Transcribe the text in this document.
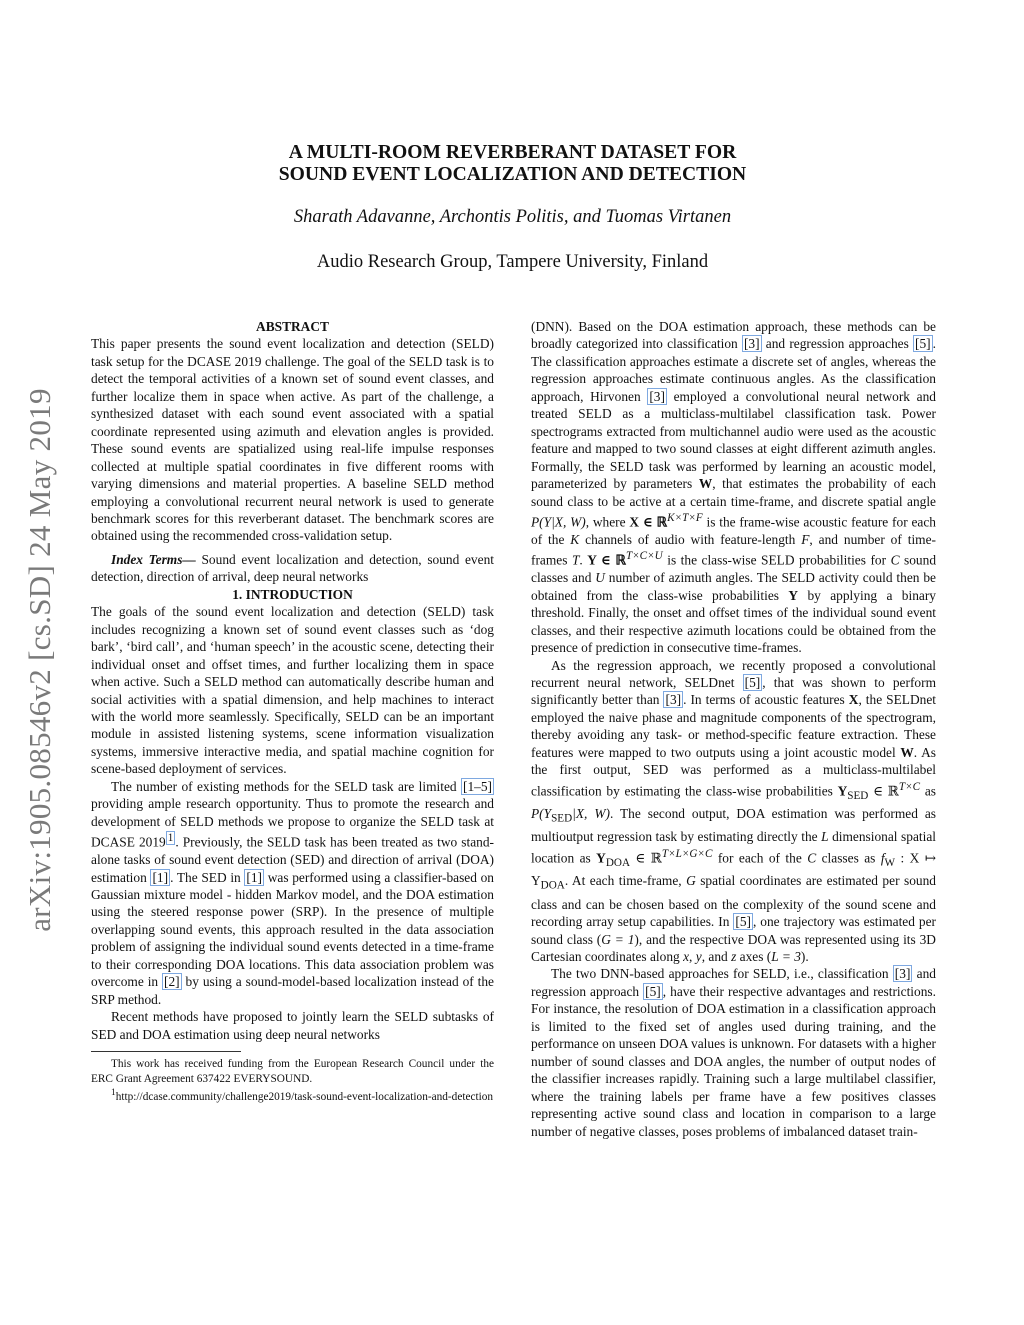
arXiv:1905.08546v2 [cs.SD] 24 May 2019
A MULTI-ROOM REVERBERANT DATASET FOR
SOUND EVENT LOCALIZATION AND DETECTION
Sharath Adavanne, Archontis Politis, and Tuomas Virtanen
Audio Research Group, Tampere University, Finland

ABSTRACT

This paper presents the sound event localization and detection (SELD) task setup for the DCASE 2019 challenge. The goal of the SELD task is to detect the temporal activities of a known set of sound event classes, and further localize them in space when active. As part of the challenge, a synthesized dataset with each sound event associated with a spatial coordinate represented using azimuth and elevation angles is provided. These sound events are spatialized using real-life impulse responses collected at multiple spatial coordinates in five different rooms with varying dimensions and material properties. A baseline SELD method employing a convolutional recurrent neural network is used to generate benchmark scores for this reverberant dataset. The benchmark scores are obtained using the recommended cross-validation setup.

Index Terms— Sound event localization and detection, sound event detection, direction of arrival, deep neural networks

1. INTRODUCTION

The goals of the sound event localization and detection (SELD) task includes recognizing a known set of sound event classes such as ‘dog bark’, ‘bird call’, and ‘human speech’ in the acoustic scene, detecting their individual onset and offset times, and further localizing them in space when active. Such a SELD method can automatically describe human and social activities with a spatial dimension, and help machines to interact with the world more seamlessly. Specifically, SELD can be an important module in assisted listening systems, scene information visualization systems, immersive interactive media, and spatial machine cognition for scene-based deployment of services.

The number of existing methods for the SELD task are limited [1–5] providing ample research opportunity. Thus to promote the research and development of SELD methods we propose to organize the SELD task at DCASE 2019 $^1$ . Previously, the SELD task has been treated as two stand-alone tasks of sound event detection (SED) and direction of arrival (DOA) estimation [1] . The SED in [1] was performed using a classifier-based on Gaussian mixture model - hidden Markov model, and the DOA estimation using the steered response power (SRP). In the presence of multiple overlapping sound events, this approach resulted in the data association problem of assigning the individual sound events detected in a time-frame to their corresponding DOA locations. This data association problem was overcome in [2] by using a sound-model-based localization instead of the SRP method.

Recent methods have proposed to jointly learn the SELD subtasks of SED and DOA estimation using deep neural networks

This work has received funding from the European Research Council under the ERC Grant Agreement 637422 EVERYSOUND.

$^1$http://dcase.community/challenge2019/task-sound-event-localization-and-detection

(DNN). Based on the DOA estimation approach, these methods can be broadly categorized into classification [3] and regression approaches [5] . The classification approaches estimate a discrete set of angles, whereas the regression approaches estimate continuous angles. As the classification approach, Hirvonen [3] employed a convolutional neural network and treated SELD as a multiclass-multilabel classification task. Power spectrograms extracted from multichannel audio were used as the acoustic feature and mapped to two sound classes at eight different azimuth angles. Formally, the SELD task was performed by learning an acoustic model, parameterized by parameters W, that estimates the probability of each sound class to be active at a certain time-frame, and discrete spatial angle P(Y|X, W), where X ∈ ℝ$^{K\times T\times F}$ is the frame-wise acoustic feature for each of the K channels of audio with feature-length F, and number of time-frames T. Y ∈ ℝ$^{T\times C\times U}$ is the class-wise SELD probabilities for C sound classes and U number of azimuth angles. The SELD activity could then be obtained from the class-wise probabilities Y by applying a binary threshold. Finally, the onset and offset times of the individual sound event classes, and their respective azimuth locations could be obtained from the presence of prediction in consecutive time-frames.

As the regression approach, we recently proposed a convolutional recurrent neural network, SELDnet [5] , that was shown to perform significantly better than [3] . In terms of acoustic features X, the SELDnet employed the naive phase and magnitude components of the spectrogram, thereby avoiding any task- or method-specific feature extraction. These features were mapped to two outputs using a joint acoustic model W. As the first output, SED was performed as a multiclass-multilabel classification by estimating the class-wise probabilities $Y_{SED}$ ∈ ℝ$^{T\times C}$ as $P(Y_{SED}|X$, W). The second output, DOA estimation was performed as multioutput regression task by estimating directly the L dimensional spatial location as $Y_{DOA}$ ∈ ℝ$^{T\times L\times G\times C}$ for each of the C classes as $f_W$ : X ↦ $Y_{DOA}$. At each time-frame, G spatial coordinates are estimated per sound class and can be chosen based on the complexity of the sound scene and recording array setup capabilities. In [5] , one trajectory was estimated per sound class (G = 1), and the respective DOA was represented using its 3D Cartesian coordinates along x, y, and z axes (L = 3).

The two DNN-based approaches for SELD, i.e., classification [3] and regression approach [5] , have their respective advantages and restrictions. For instance, the resolution of DOA estimation in a classification approach is limited to the fixed set of angles used during training, and the performance on unseen DOA values is unknown. For datasets with a higher number of sound classes and DOA angles, the number of output nodes of the classifier increases rapidly. Training such a large multilabel classifier, where the training labels per frame have a few positives classes representing active sound class and location in comparison to a large number of negative classes, poses problems of imbalanced dataset train-
